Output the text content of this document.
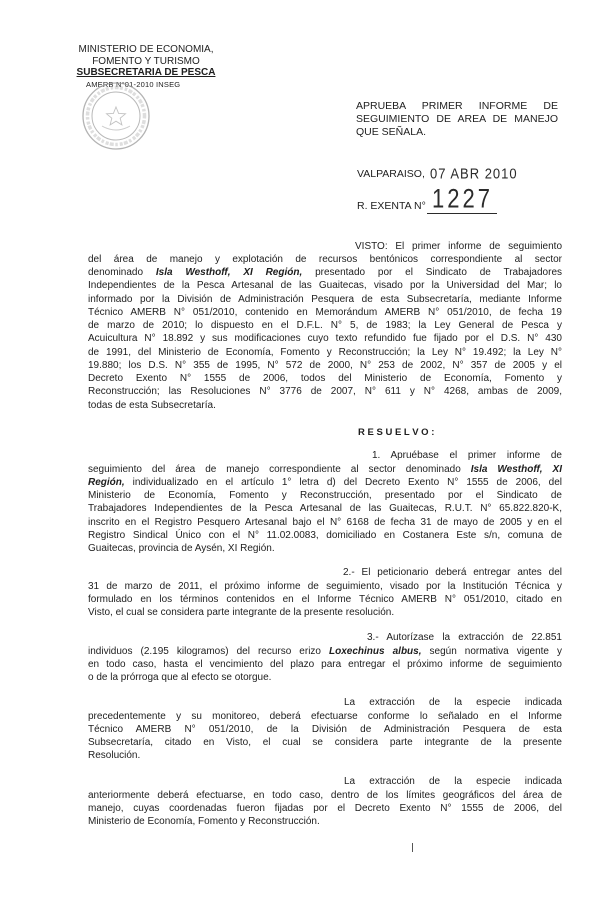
MINISTERIO DE ECONOMIA,
FOMENTO Y TURISMO
SUBSECRETARIA DE PESCA
AMERB N°01-2010 INSEG
APRUEBA PRIMER INFORME DE
SEGUIMIENTO DE AREA DE MANEJO
QUE SEÑALA.
VALPARAISO, 07 ABR 2010
R. EXENTA N° 1227
VISTO: El primer informe de seguimiento
del área de manejo y explotación de recursos bentónicos correspondiente al sector
denominado Isla Westhoff, XI Región, presentado por el Sindicato de Trabajadores
Independientes de la Pesca Artesanal de las Guaitecas, visado por la Universidad del Mar; lo
informado por la División de Administración Pesquera de esta Subsecretaría, mediante Informe
Técnico AMERB N° 051/2010, contenido en Memorándum AMERB N° 051/2010, de fecha 19
de marzo de 2010; lo dispuesto en el D.F.L. N° 5, de 1983; la Ley General de Pesca y
Acuicultura N° 18.892 y sus modificaciones cuyo texto refundido fue fijado por el D.S. N° 430
de 1991, del Ministerio de Economía, Fomento y Reconstrucción; la Ley N° 19.492; la Ley N°
19.880; los D.S. N° 355 de 1995, N° 572 de 2000, N° 253 de 2002, N° 357 de 2005 y el
Decreto Exento N° 1555 de 2006, todos del Ministerio de Economía, Fomento y
Reconstrucción; las Resoluciones N° 3776 de 2007, N° 611 y N° 4268, ambas de 2009,
todas de esta Subsecretaría.
R E S U E L V O :
1. Apruébase el primer informe de
seguimiento del área de manejo correspondiente al sector denominado Isla Westhoff, XI
Región, individualizado en el artículo 1° letra d) del Decreto Exento N° 1555 de 2006, del
Ministerio de Economía, Fomento y Reconstrucción, presentado por el Sindicato de
Trabajadores Independientes de la Pesca Artesanal de las Guaitecas, R.U.T. N° 65.822.820-K,
inscrito en el Registro Pesquero Artesanal bajo el N° 6168 de fecha 31 de mayo de 2005 y en el
Registro Sindical Único con el N° 11.02.0083, domiciliado en Costanera Este s/n, comuna de
Guaitecas, provincia de Aysén, XI Región.
2.- El peticionario deberá entregar antes del
31 de marzo de 2011, el próximo informe de seguimiento, visado por la Institución Técnica y
formulado en los términos contenidos en el Informe Técnico AMERB N° 051/2010, citado en
Visto, el cual se considera parte integrante de la presente resolución.
3.- Autorízase la extracción de 22.851
individuos (2.195 kilogramos) del recurso erizo Loxechinus albus, según normativa vigente y
en todo caso, hasta el vencimiento del plazo para entregar el próximo informe de seguimiento
o de la prórroga que al efecto se otorgue.
La extracción de la especie indicada
precedentemente y su monitoreo, deberá efectuarse conforme lo señalado en el Informe
Técnico AMERB N° 051/2010, de la División de Administración Pesquera de esta
Subsecretaría, citado en Visto, el cual se considera parte integrante de la presente
Resolución.
La extracción de la especie indicada
anteriormente deberá efectuarse, en todo caso, dentro de los límites geográficos del área de
manejo, cuyas coordenadas fueron fijadas por el Decreto Exento N° 1555 de 2006, del
Ministerio de Economía, Fomento y Reconstrucción.
